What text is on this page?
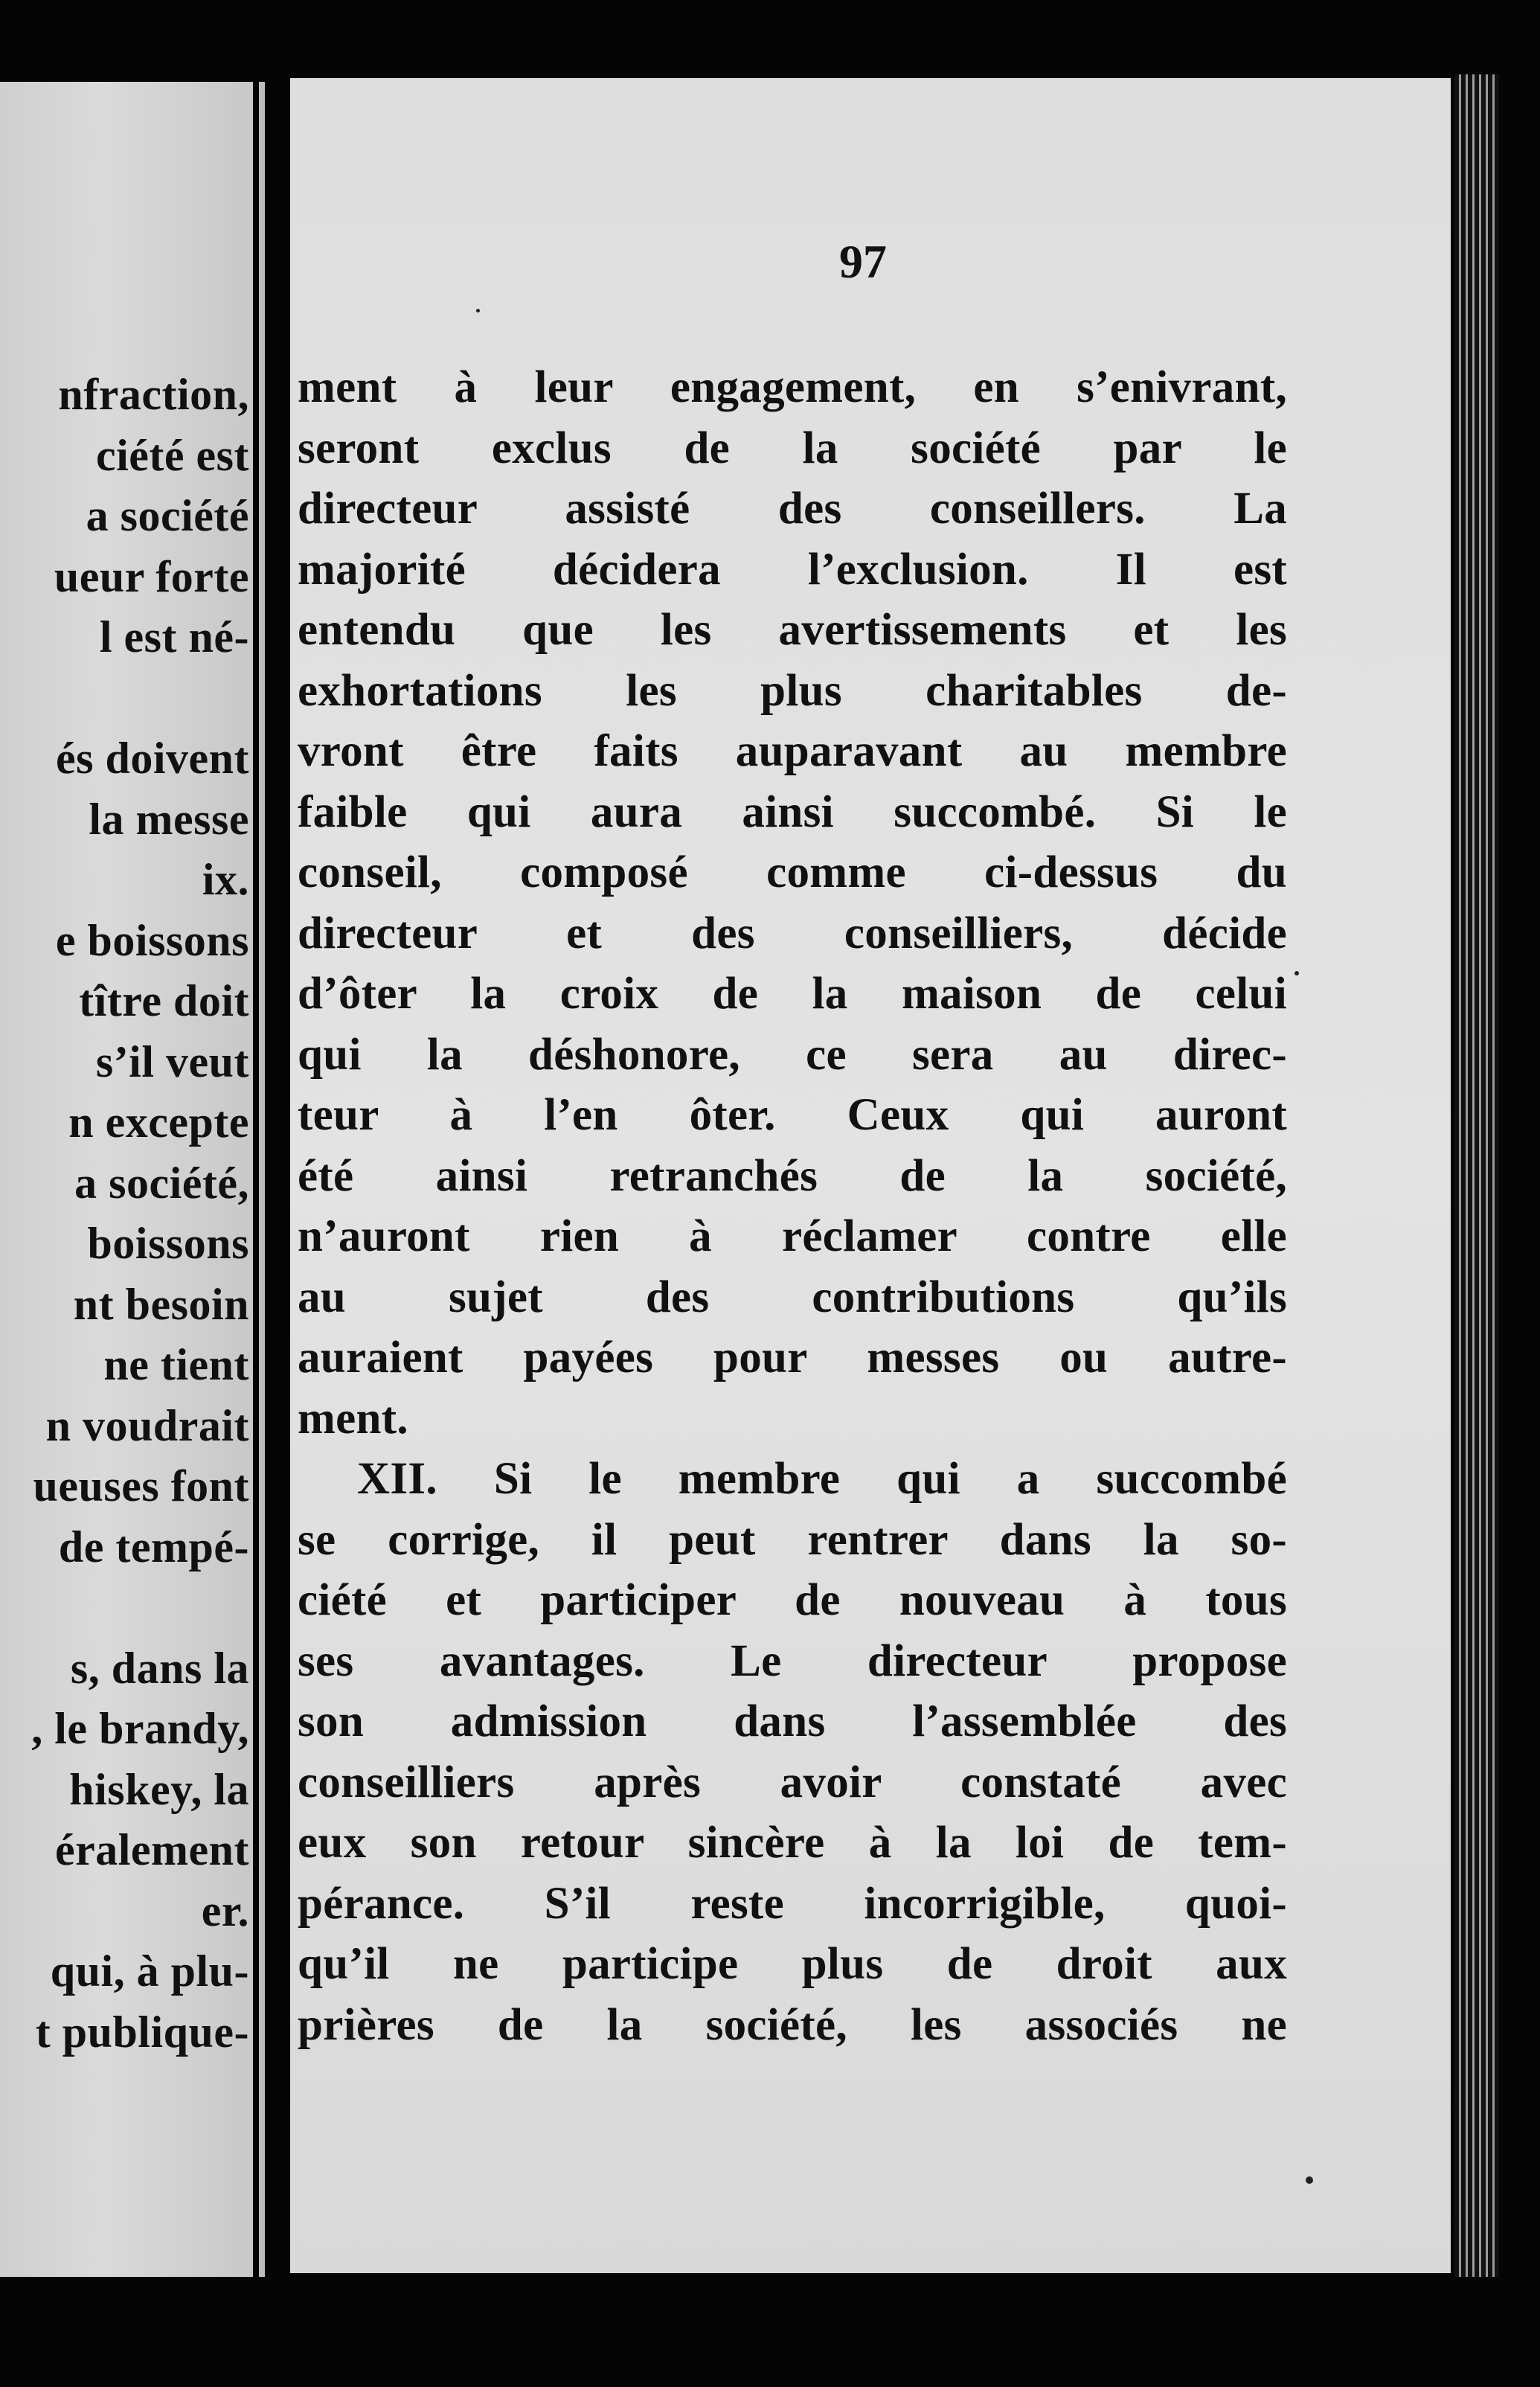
nfraction,
ciété est
a société
ueur forte
l est né-
és doivent
la messe
ix.
e boissons
tître doit
s’il veut
n excepte
a société,
boissons
nt besoin
ne tient
n voudrait
ueuses font
de tempé-
s, dans la
, le brandy,
hiskey, la
éralement
er.
qui, à plu-
t publique-
97
ment à leur engagement, en s’enivrant,
seront exclus de la société par le
directeur assisté des conseillers. La
majorité décidera l’exclusion. Il est
entendu que les avertissements et les
exhortations les plus charitables de-
vront être faits auparavant au membre
faible qui aura ainsi succombé. Si le
conseil, composé comme ci-dessus du
directeur et des conseilliers, décide
d’ôter la croix de la maison de celui
qui la déshonore, ce sera au direc-
teur à l’en ôter. Ceux qui auront
été ainsi retranchés de la société,
n’auront rien à réclamer contre elle
au sujet des contributions qu’ils
auraient payées pour messes ou autre-
ment.
XII. Si le membre qui a succombé
se corrige, il peut rentrer dans la so-
ciété et participer de nouveau à tous
ses avantages. Le directeur propose
son admission dans l’assemblée des
conseilliers après avoir constaté avec
eux son retour sincère à la loi de tem-
pérance. S’il reste incorrigible, quoi-
qu’il ne participe plus de droit aux
prières de la société, les associés ne
